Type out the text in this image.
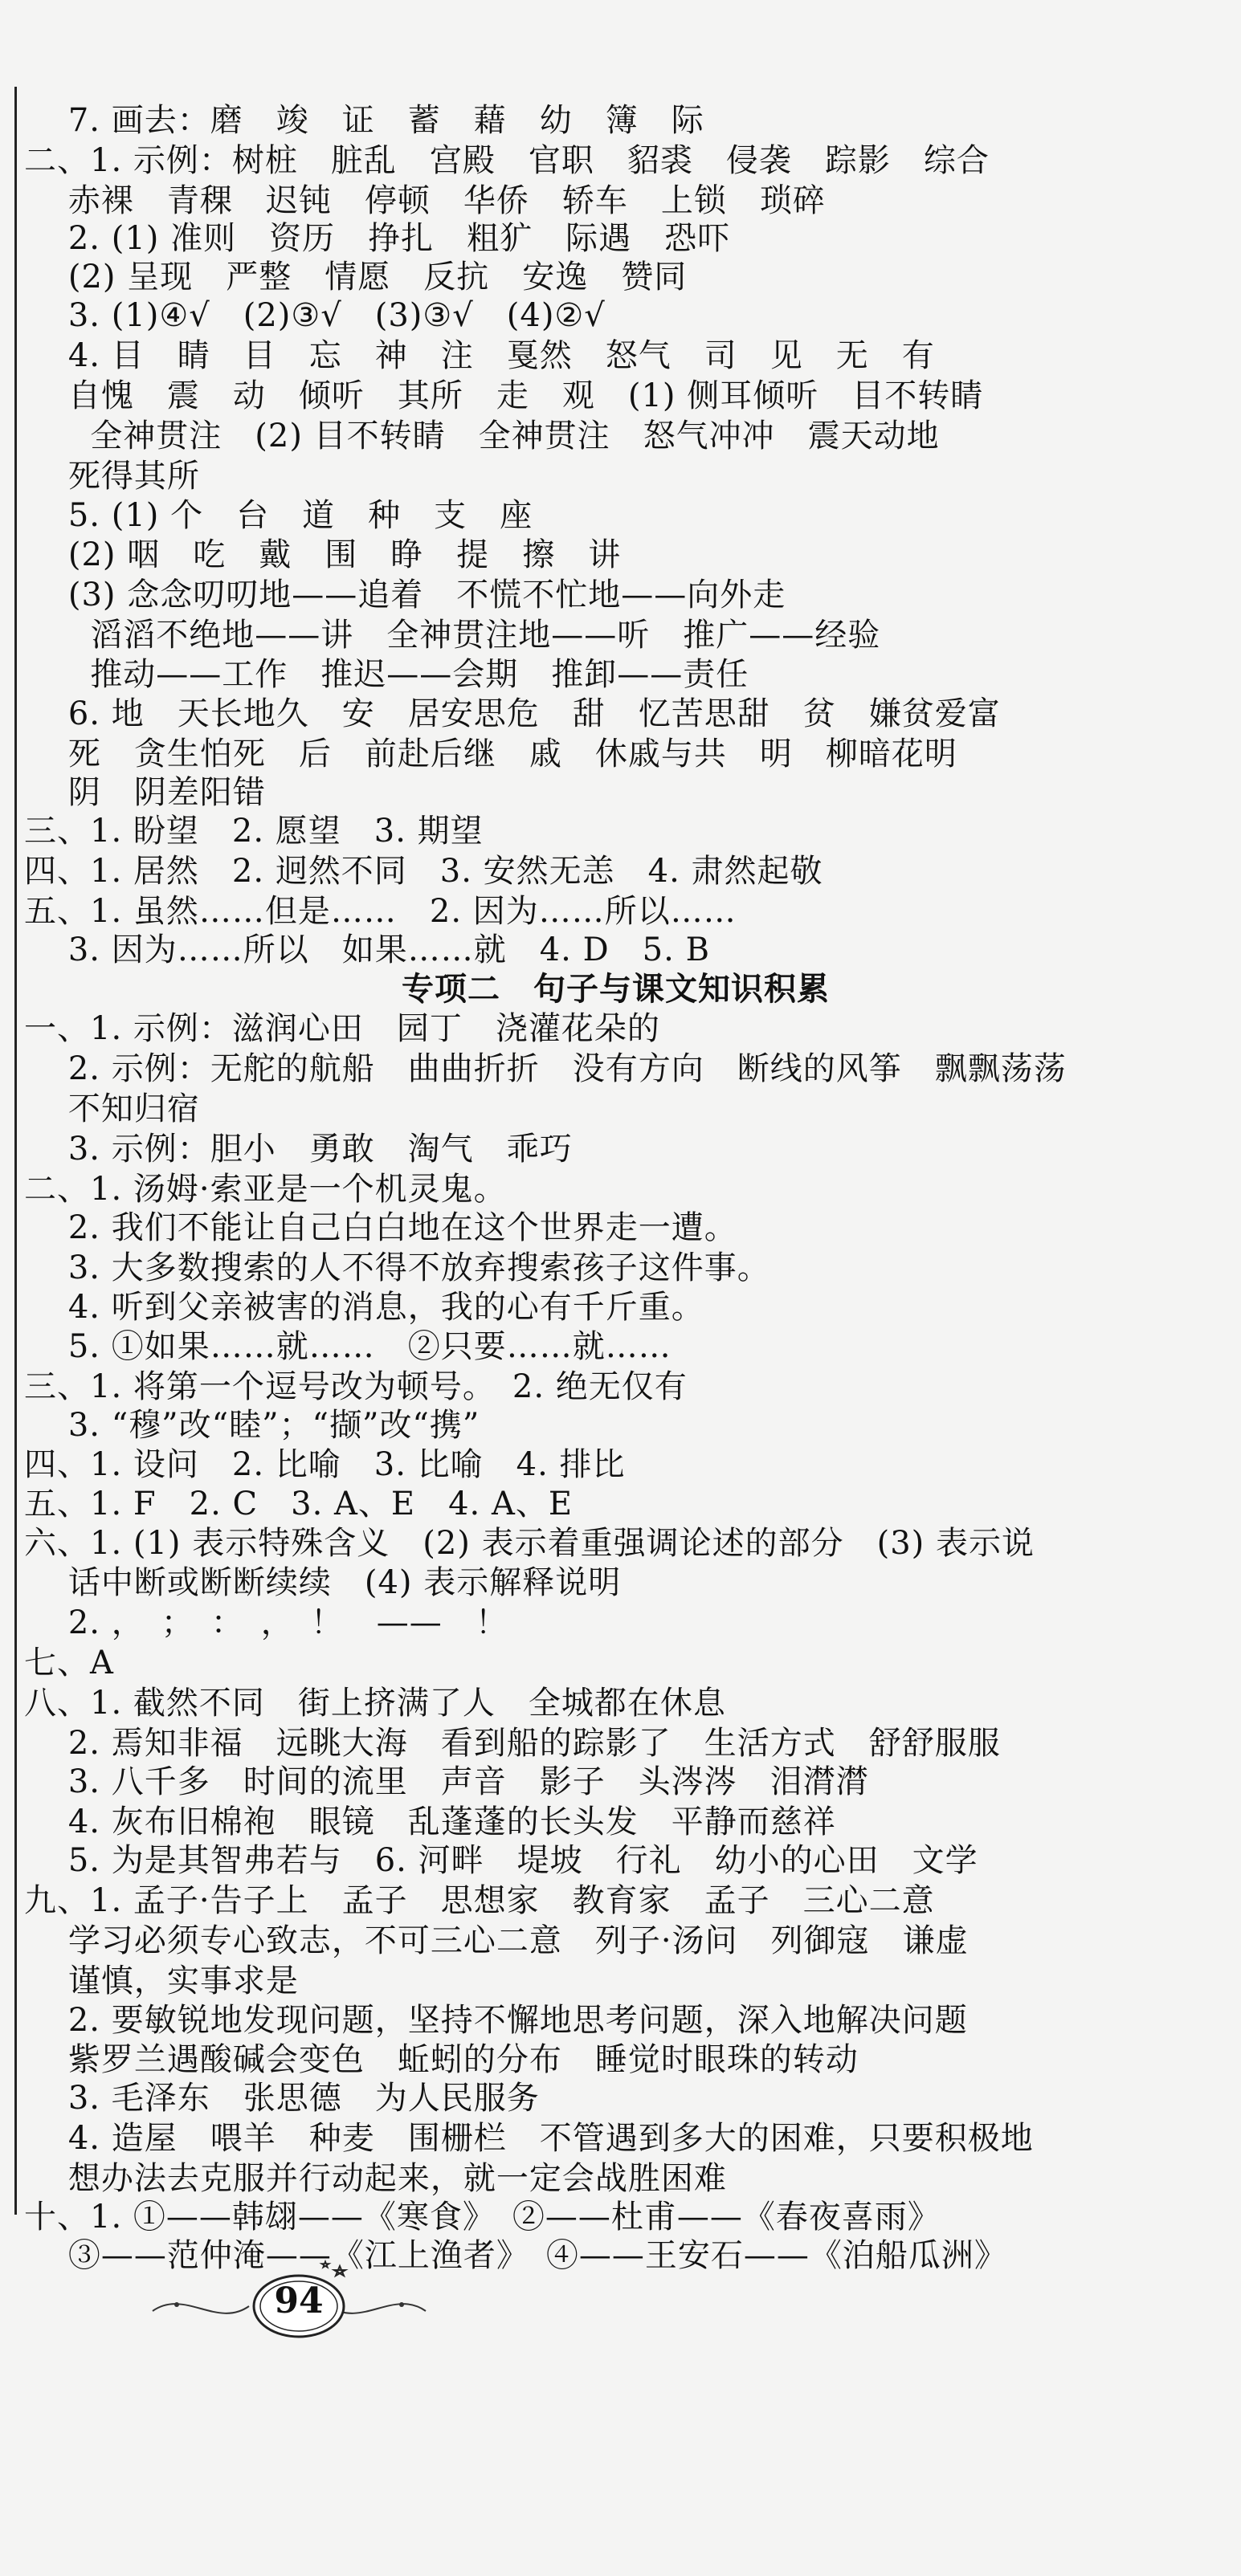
7. 画去：磨　竣　证　蓄　藉　幼　簿　际
二、1. 示例：树桩　脏乱　宫殿　官职　貂裘　侵袭　踪影　综合
赤裸　青稞　迟钝　停顿　华侨　轿车　上锁　琐碎
2. (1) 准则　资历　挣扎　粗犷　际遇　恐吓
(2) 呈现　严整　情愿　反抗　安逸　赞同
3. (1)④√　(2)③√　(3)③√　(4)②√
4. 目　睛　目　忘　神　注　戛然　怒气　司　见　无　有
自愧　震　动　倾听　其所　走　观　(1) 侧耳倾听　目不转睛
全神贯注　(2) 目不转睛　全神贯注　怒气冲冲　震天动地
死得其所
5. (1) 个　台　道　种　支　座
(2) 咽　吃　戴　围　睁　提　擦　讲
(3) 念念叨叨地——追着　不慌不忙地——向外走
滔滔不绝地——讲　全神贯注地——听　推广——经验
推动——工作　推迟——会期　推卸——责任
6. 地　天长地久　安　居安思危　甜　忆苦思甜　贫　嫌贫爱富
死　贪生怕死　后　前赴后继　戚　休戚与共　明　柳暗花明
阴　阴差阳错
三、1. 盼望　2. 愿望　3. 期望
四、1. 居然　2. 迥然不同　3. 安然无恙　4. 肃然起敬
五、1. 虽然……但是……　2. 因为……所以……
3. 因为……所以　如果……就　4. D　5. B
专项二　句子与课文知识积累
一、1. 示例：滋润心田　园丁　浇灌花朵的
2. 示例：无舵的航船　曲曲折折　没有方向　断线的风筝　飘飘荡荡
不知归宿
3. 示例：胆小　勇敢　淘气　乖巧
二、1. 汤姆·索亚是一个机灵鬼。
2. 我们不能让自己白白地在这个世界走一遭。
3. 大多数搜索的人不得不放弃搜索孩子这件事。
4. 听到父亲被害的消息，我的心有千斤重。
5. ①如果……就……　②只要……就……
三、1. 将第一个逗号改为顿号。　2. 绝无仅有
3. “穆”改“睦”；“撷”改“携”
四、1. 设问　2. 比喻　3. 比喻　4. 排比
五、1. F　2. C　3. A、E　4. A、E
六、1. (1) 表示特殊含义　(2) 表示着重强调论述的部分　(3) 表示说
话中断或断断续续　(4) 表示解释说明
2. ，　；　：　，　！　——　！
七、A
八、1. 截然不同　街上挤满了人　全城都在休息
2. 焉知非福　远眺大海　看到船的踪影了　生活方式　舒舒服服
3. 八千多　时间的流里　声音　影子　头涔涔　泪潸潸
4. 灰布旧棉袍　眼镜　乱蓬蓬的长头发　平静而慈祥
5. 为是其智弗若与　6. 河畔　堤坡　行礼　幼小的心田　文学
九、1. 孟子·告子上　孟子　思想家　教育家　孟子　三心二意
学习必须专心致志，不可三心二意　列子·汤问　列御寇　谦虚
谨慎，实事求是
2. 要敏锐地发现问题，坚持不懈地思考问题，深入地解决问题
紫罗兰遇酸碱会变色　蚯蚓的分布　睡觉时眼珠的转动
3. 毛泽东　张思德　为人民服务
4. 造屋　喂羊　种麦　围栅栏　不管遇到多大的困难，只要积极地
想办法去克服并行动起来，就一定会战胜困难
十、1. ①——韩翃——《寒食》　②——杜甫——《春夜喜雨》
③——范仲淹——《江上渔者》　④——王安石——《泊船瓜洲》
94
